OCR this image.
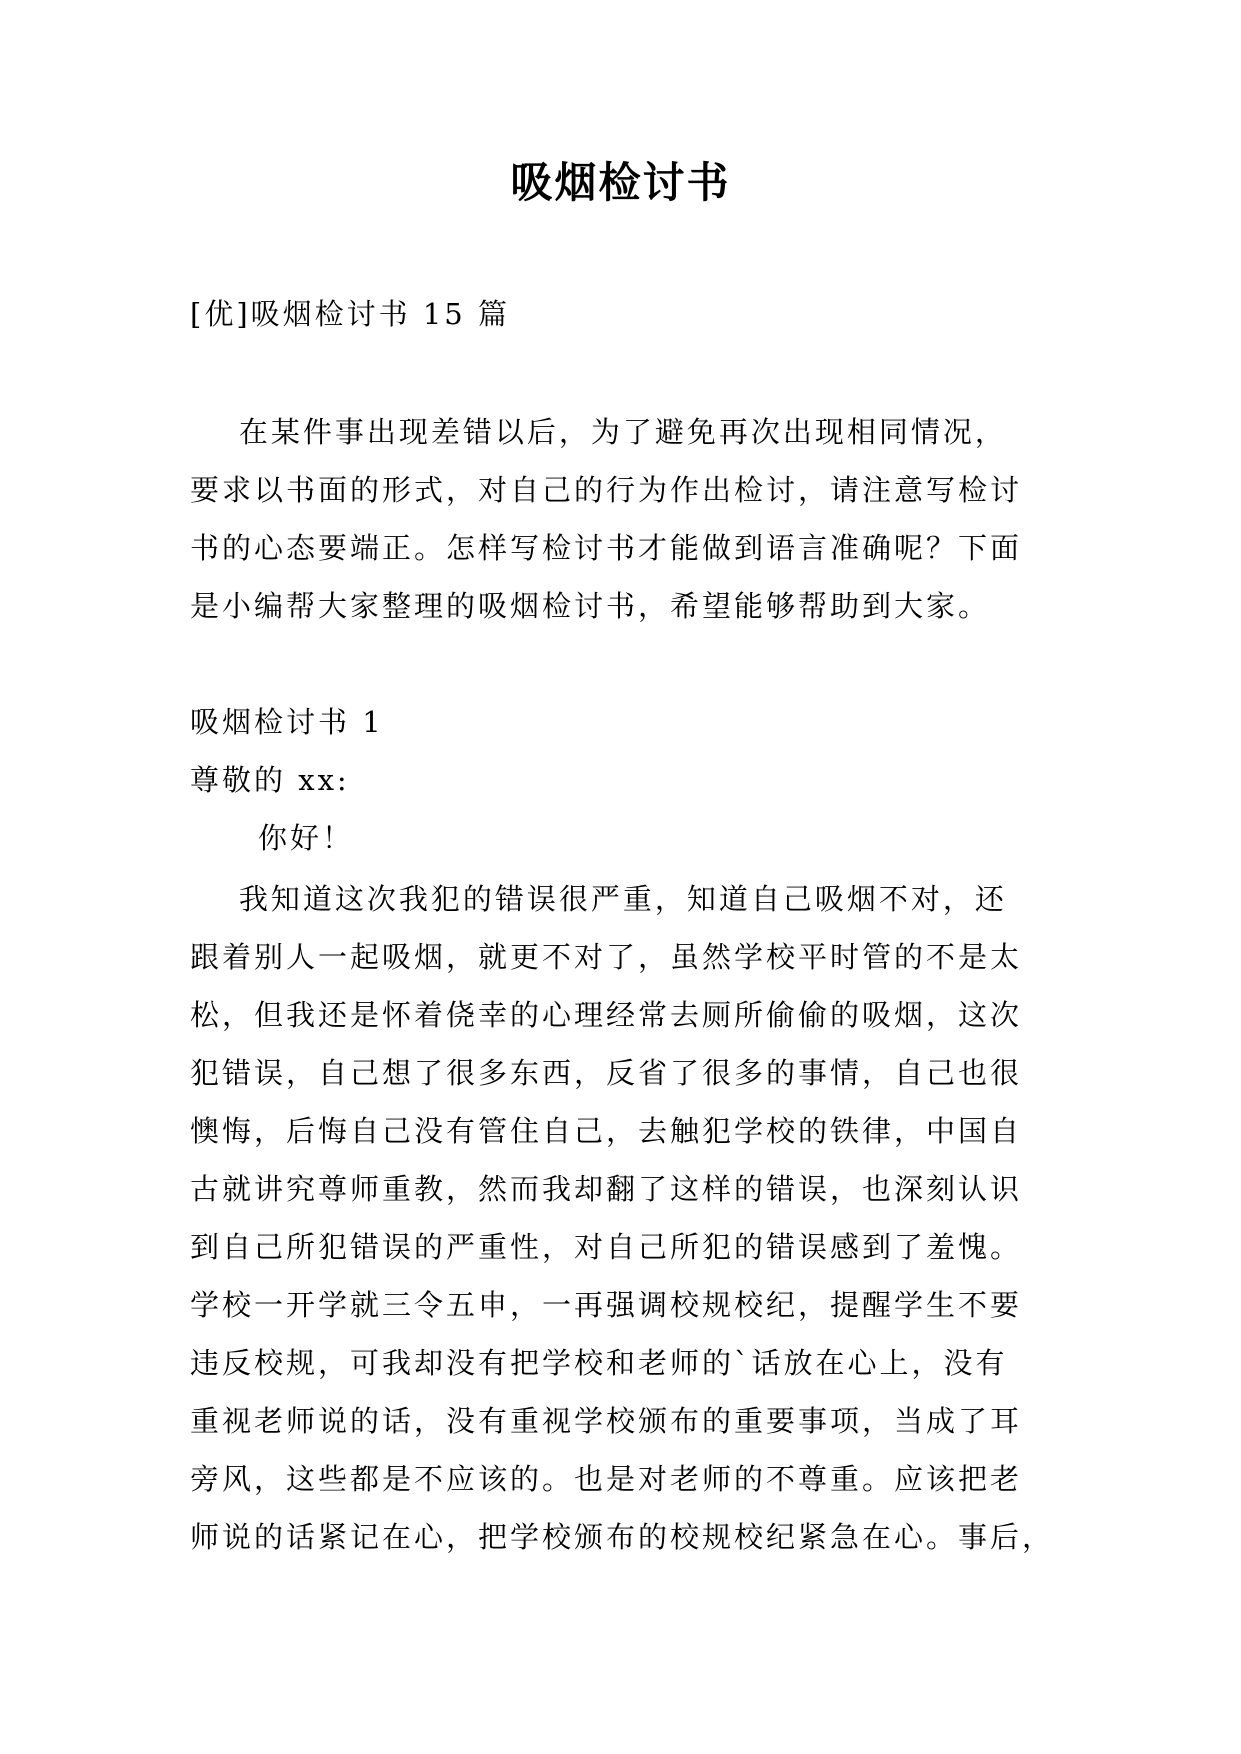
吸烟检讨书
[优]吸烟检讨书 15 篇
在某件事出现差错以后，为了避免再次出现相同情况，
要求以书面的形式，对自己的行为作出检讨，请注意写检讨
书的心态要端正。怎样写检讨书才能做到语言准确呢？下面
是小编帮大家整理的吸烟检讨书，希望能够帮助到大家。
吸烟检讨书 1
尊敬的 xx:
你好！
我知道这次我犯的错误很严重，知道自己吸烟不对，还
跟着别人一起吸烟，就更不对了，虽然学校平时管的不是太
松，但我还是怀着侥幸的心理经常去厕所偷偷的吸烟，这次
犯错误，自己想了很多东西，反省了很多的事情，自己也很
懊悔，后悔自己没有管住自己，去触犯学校的铁律，中国自
古就讲究尊师重教，然而我却翻了这样的错误，也深刻认识
到自己所犯错误的严重性，对自己所犯的错误感到了羞愧。
学校一开学就三令五申，一再强调校规校纪，提醒学生不要
违反校规，可我却没有把学校和老师的`话放在心上，没有
重视老师说的话，没有重视学校颁布的重要事项，当成了耳
旁风，这些都是不应该的。也是对老师的不尊重。应该把老
师说的话紧记在心，把学校颁布的校规校纪紧急在心。事后，
